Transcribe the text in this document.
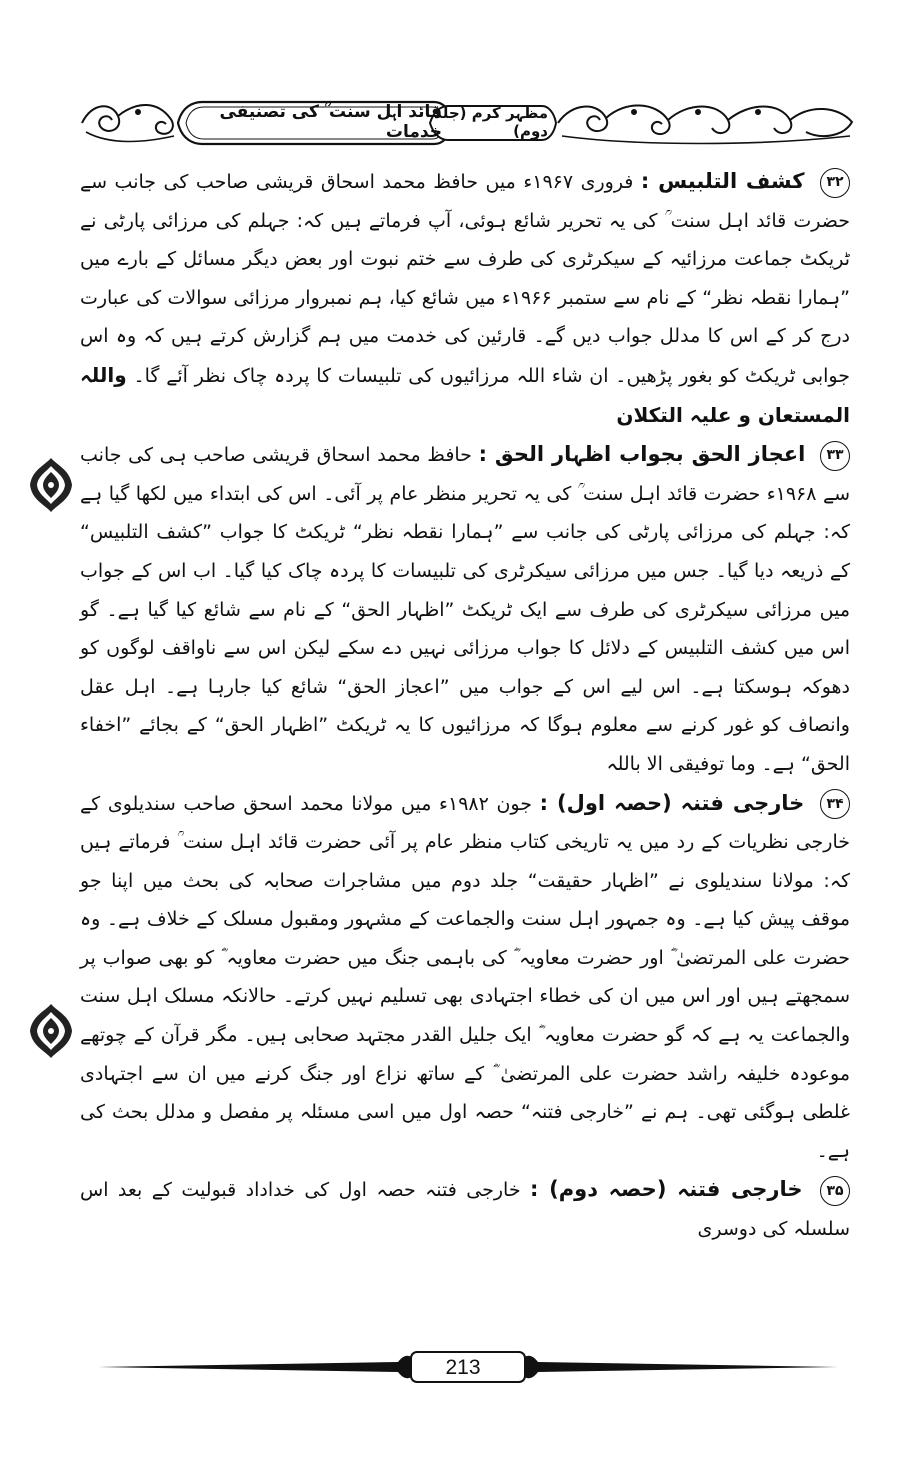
قائد اہل سنت ؒ کی تصنیفی خدمات
مظہر کرم (جلد دوم)

۳۲ کشف التلبیس : فروری ۱۹۶۷ء میں حافظ محمد اسحاق قریشی صاحب کی جانب سے حضرت قائد اہل سنت ؒ کی یہ تحریر شائع ہوئی، آپ فرماتے ہیں کہ: جہلم کی مرزائی پارٹی نے ٹریکٹ جماعت مرزائیہ کے سیکرٹری کی طرف سے ختم نبوت اور بعض دیگر مسائل کے بارے میں ”ہمارا نقطہ نظر“ کے نام سے ستمبر ۱۹۶۶ء میں شائع کیا، ہم نمبروار مرزائی سوالات کی عبارت درج کر کے اس کا مدلل جواب دیں گے۔ قارئین کی خدمت میں ہم گزارش کرتے ہیں کہ وہ اس جوابی ٹریکٹ کو بغور پڑھیں۔ ان شاء اللہ مرزائیوں کی تلبیسات کا پردہ چاک نظر آئے گا۔ واللہ المستعان و علیہ التکلان

۳۳ اعجاز الحق بجواب اظہار الحق : حافظ محمد اسحاق قریشی صاحب ہی کی جانب سے ۱۹۶۸ء حضرت قائد اہل سنت ؒ کی یہ تحریر منظر عام پر آئی۔ اس کی ابتداء میں لکھا گیا ہے کہ: جہلم کی مرزائی پارٹی کی جانب سے ”ہمارا نقطہ نظر“ ٹریکٹ کا جواب ”کشف التلبیس“ کے ذریعہ دیا گیا۔ جس میں مرزائی سیکرٹری کی تلبیسات کا پردہ چاک کیا گیا۔ اب اس کے جواب میں مرزائی سیکرٹری کی طرف سے ایک ٹریکٹ ”اظہار الحق“ کے نام سے شائع کیا گیا ہے۔ گو اس میں کشف التلبیس کے دلائل کا جواب مرزائی نہیں دے سکے لیکن اس سے ناواقف لوگوں کو دھوکہ ہوسکتا ہے۔ اس لیے اس کے جواب میں ”اعجاز الحق“ شائع کیا جارہا ہے۔ اہل عقل وانصاف کو غور کرنے سے معلوم ہوگا کہ مرزائیوں کا یہ ٹریکٹ ”اظہار الحق“ کے بجائے ”اخفاء الحق“ ہے۔ وما توفیقی الا باللہ

۳۴ خارجی فتنہ (حصہ اول) : جون ۱۹۸۲ء میں مولانا محمد اسحق صاحب سندیلوی کے خارجی نظریات کے رد میں یہ تاریخی کتاب منظر عام پر آئی حضرت قائد اہل سنت ؒ فرماتے ہیں کہ: مولانا سندیلوی نے ”اظہار حقیقت“ جلد دوم میں مشاجرات صحابہ کی بحث میں اپنا جو موقف پیش کیا ہے۔ وہ جمہور اہل سنت والجماعت کے مشہور ومقبول مسلک کے خلاف ہے۔ وہ حضرت علی المرتضیٰ ؓ اور حضرت معاویہ ؓ کی باہمی جنگ میں حضرت معاویہ ؓ کو بھی صواب پر سمجھتے ہیں اور اس میں ان کی خطاء اجتہادی بھی تسلیم نہیں کرتے۔ حالانکہ مسلک اہل سنت والجماعت یہ ہے کہ گو حضرت معاویہ ؓ ایک جلیل القدر مجتہد صحابی ہیں۔ مگر قرآن کے چوتھے موعودہ خلیفہ راشد حضرت علی المرتضیٰ ؓ کے ساتھ نزاع اور جنگ کرنے میں ان سے اجتہادی غلطی ہوگئی تھی۔ ہم نے ”خارجی فتنہ“ حصہ اول میں اسی مسئلہ پر مفصل و مدلل بحث کی ہے۔

۳۵ خارجی فتنہ (حصہ دوم) : خارجی فتنہ حصہ اول کی خداداد قبولیت کے بعد اس سلسلہ کی دوسری

213
